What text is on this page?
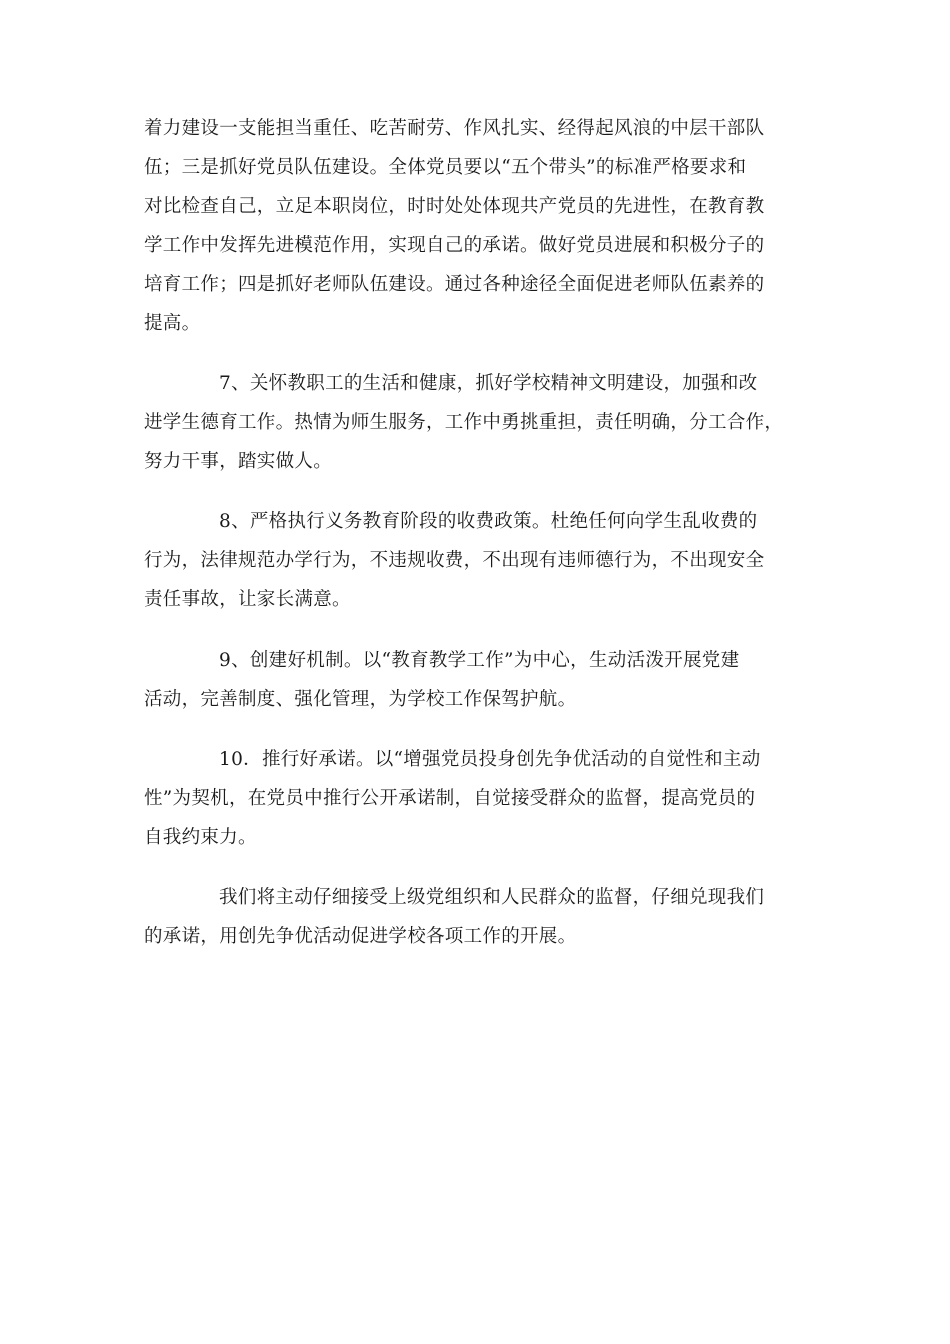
着力建设一支能担当重任、吃苦耐劳、作风扎实、经得起风浪的中层干部队
伍；三是抓好党员队伍建设。全体党员要以“五个带头”的标准严格要求和
对比检查自己，立足本职岗位，时时处处体现共产党员的先进性，在教育教
学工作中发挥先进模范作用，实现自己的承诺。做好党员进展和积极分子的
培育工作；四是抓好老师队伍建设。通过各种途径全面促进老师队伍素养的
提高。
7、关怀教职工的生活和健康，抓好学校精神文明建设，加强和改
进学生德育工作。热情为师生服务，工作中勇挑重担，责任明确，分工合作，
努力干事，踏实做人。
8、严格执行义务教育阶段的收费政策。杜绝任何向学生乱收费的
行为，法律规范办学行为，不违规收费，不出现有违师德行为，不出现安全
责任事故，让家长满意。
9、创建好机制。以“教育教学工作”为中心，生动活泼开展党建
活动，完善制度、强化管理，为学校工作保驾护航。
10．推行好承诺。以“增强党员投身创先争优活动的自觉性和主动
性”为契机，在党员中推行公开承诺制，自觉接受群众的监督，提高党员的
自我约束力。
我们将主动仔细接受上级党组织和人民群众的监督，仔细兑现我们
的承诺，用创先争优活动促进学校各项工作的开展。
